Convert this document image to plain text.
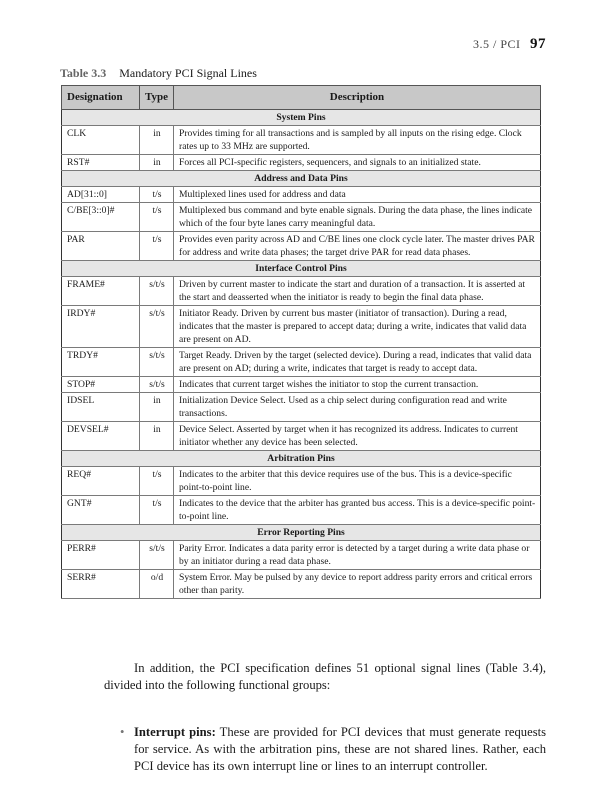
3.5 / PCI 97
Table 3.3 Mandatory PCI Signal Lines
Designation	Type	Description
System Pins		
CLK	in	Provides timing for all transactions and is sampled by all inputs on the rising edge. Clock rates up to 33 MHz are supported.
RST#	in	Forces all PCI-specific registers, sequencers, and signals to an initialized state.
Address and Data Pins		
AD[31::0]	t/s	Multiplexed lines used for address and data
C/BE[3::0]#	t/s	Multiplexed bus command and byte enable signals. During the data phase, the lines indicate which of the four byte lanes carry meaningful data.
PAR	t/s	Provides even parity across AD and C/BE lines one clock cycle later. The master drives PAR for address and write data phases; the target drive PAR for read data phases.
Interface Control Pins		
FRAME#	s/t/s	Driven by current master to indicate the start and duration of a transaction. It is asserted at the start and deasserted when the initiator is ready to begin the final data phase.
IRDY#	s/t/s	Initiator Ready. Driven by current bus master (initiator of transaction). During a read, indicates that the master is prepared to accept data; during a write, indicates that valid data are present on AD.
TRDY#	s/t/s	Target Ready. Driven by the target (selected device). During a read, indicates that valid data are present on AD; during a write, indicates that target is ready to accept data.
STOP#	s/t/s	Indicates that current target wishes the initiator to stop the current transaction.
IDSEL	in	Initialization Device Select. Used as a chip select during configuration read and write transactions.
DEVSEL#	in	Device Select. Asserted by target when it has recognized its address. Indicates to current initiator whether any device has been selected.
Arbitration Pins		
REQ#	t/s	Indicates to the arbiter that this device requires use of the bus. This is a device-specific point-to-point line.
GNT#	t/s	Indicates to the device that the arbiter has granted bus access. This is a device-specific point-to-point line.
Error Reporting Pins		
PERR#	s/t/s	Parity Error. Indicates a data parity error is detected by a target during a write data phase or by an initiator during a read data phase.
SERR#	o/d	System Error. May be pulsed by any device to report address parity errors and critical errors other than parity.
In addition, the PCI specification defines 51 optional signal lines (Table 3.4), divided into the following functional groups:
• Interrupt pins: These are provided for PCI devices that must generate requests for service. As with the arbitration pins, these are not shared lines. Rather, each PCI device has its own interrupt line or lines to an interrupt controller.
